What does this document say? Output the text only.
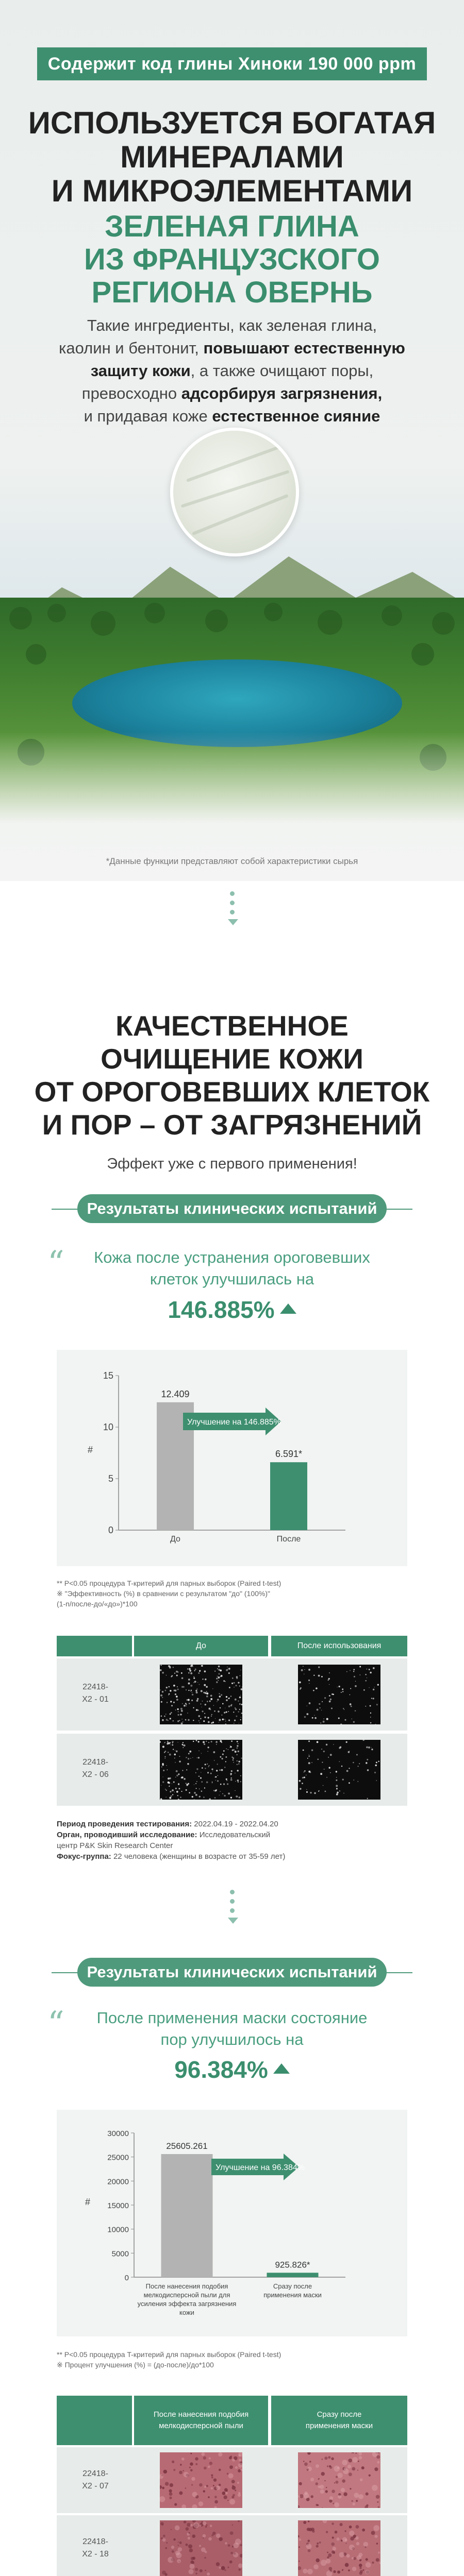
Содержит код глины Хиноки 190 000 ppm
ИСПОЛЬЗУЕТСЯ БОГАТАЯ
МИНЕРАЛАМИ
И МИКРОЭЛЕМЕНТАМИ
ЗЕЛЕНАЯ ГЛИНА
ИЗ ФРАНЦУЗСКОГО
РЕГИОНА ОВЕРНЬ
Такие ингредиенты, как зеленая глина,
каолин и бентонит, повышают естественную
защиту кожи, а также очищают поры,
превосходно адсорбируя загрязнения,
и придавая коже естественное сияние
*Данные функции представляют собой характеристики сырья
КАЧЕСТВЕННОЕ
ОЧИЩЕНИЕ КОЖИ
ОТ ОРОГОВЕВШИХ КЛЕТОК
И ПОР – ОТ ЗАГРЯЗНЕНИЙ
Эффект уже с первого применения!
Результаты клинических испытаний
“	Кожа после устранения ороговевших
клеток улучшилась на
146.885%
0
5
10
15
#
12.409
До
6.591*
После
Улучшение на 146.885%
** P<0.05 процедура T-критерий для парных выборок (Paired t-test)
※ "Эффективность (%) в сравнении с результатом "до" (100%)"
(1-n/после-до/«до»)*100
До	После использования
22418-
X2 - 01
22418-
X2 - 06
Период проведения тестирования: 2022.04.19 - 2022.04.20
Орган, проводивший исследование: Исследовательский
центр P&K Skin Research Center
Фокус-группа: 22 человека (женщины в возрасте от 35-59 лет)
Результаты клинических испытаний
“	После применения маски состояние
пор улучшилось на
96.384%
0
5000
10000
15000
20000
25000
30000
#
25605.261
После нанесения подобия
мелкодисперсной пыли для
усиления эффекта загрязнения
кожи
925.826*
Сразу после
применения маски
Улучшение на 96.384%
** P<0.05 процедура T-критерий для парных выборок (Paired t-test)
※ Процент улучшения (%) = (до-после)/до*100
После нанесения подобия мелкодисперсной пыли
Сразу после применения маски
22418-
X2 - 07
22418-
X2 - 18
